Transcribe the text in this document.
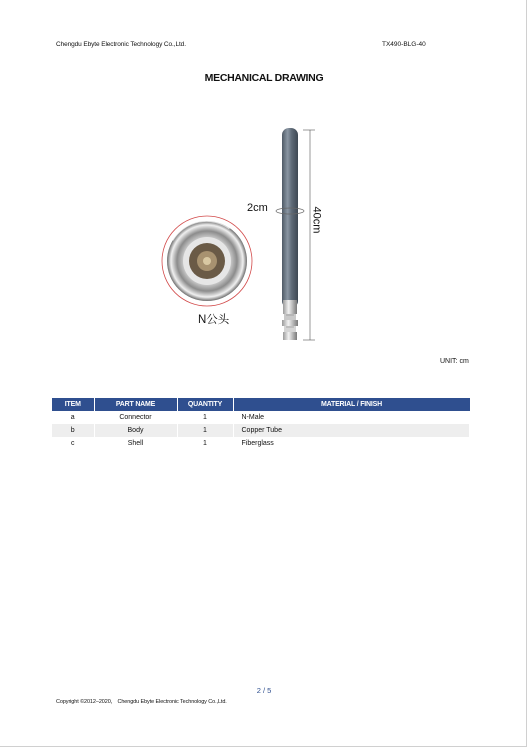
Chengdu Ebyte Electronic Technology Co.,Ltd.	TX490-BLG-40
MECHANICAL DRAWING
2cm	40cm
N公头
UNIT: cm
ITEM	PART NAME	QUANTITY	MATERIAL / FINISH
a	Connector	1	N-Male
b	Body	1	Copper Tube
c	Shell	1	Fiberglass
2 / 5
Copyright ©2012–2020， Chengdu Ebyte Electronic Technology Co.,Ltd.
